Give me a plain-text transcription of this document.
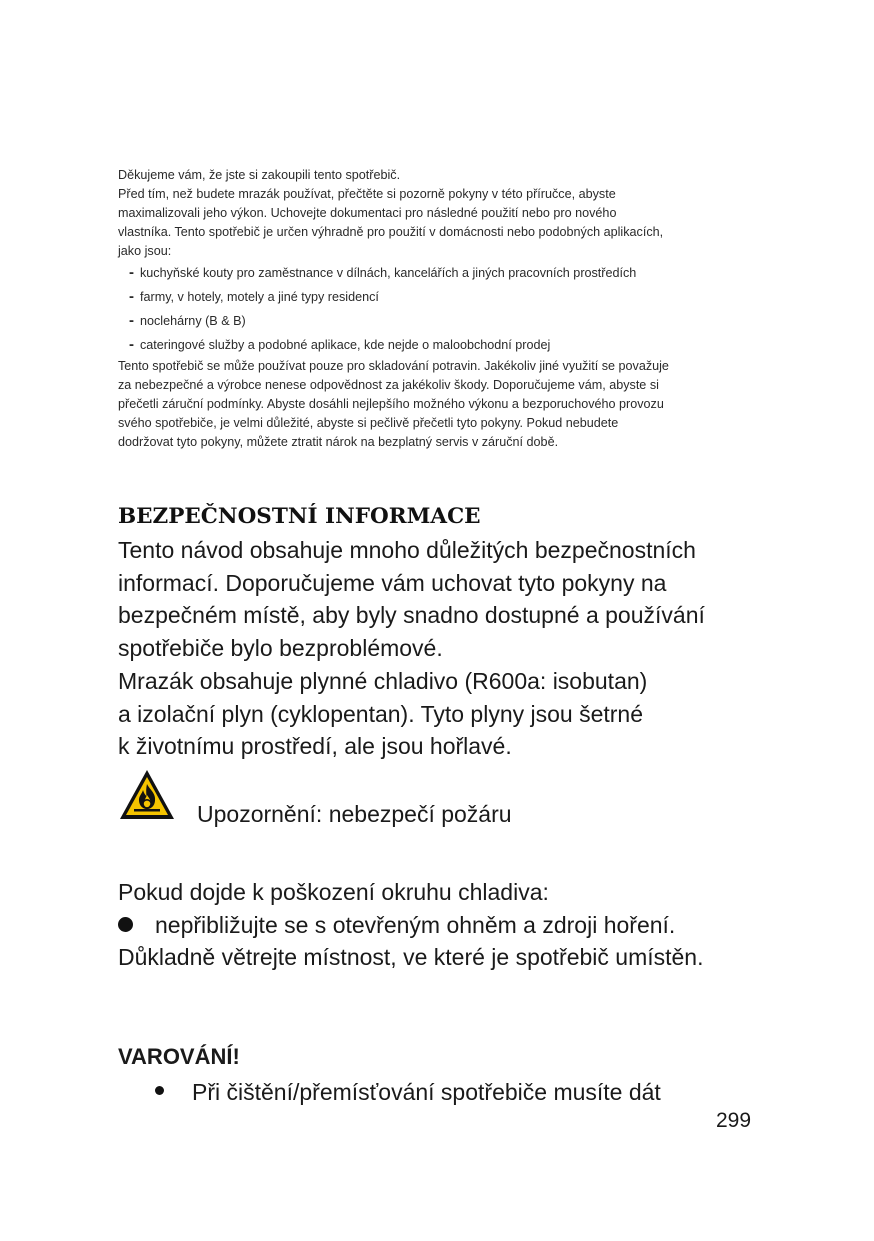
Děkujeme vám, že jste si zakoupili tento spotřebič.

Před tím, než budete mrazák používat, přečtěte si pozorně pokyny v této příručce, abyste

maximalizovali jeho výkon. Uchovejte dokumentaci pro následné použití nebo pro nového

vlastníka. Tento spotřebič je určen výhradně pro použití v domácnosti nebo podobných aplikacích,

jako jsou:

- kuchyňské kouty pro zaměstnance v dílnách, kancelářích a jiných pracovních prostředích
- farmy, v hotely, motely a jiné typy residencí
- noclehárny (B & B)
- cateringové služby a podobné aplikace, kde nejde o maloobchodní prodej

Tento spotřebič se může používat pouze pro skladování potravin. Jakékoliv jiné využití se považuje

za nebezpečné a výrobce nenese odpovědnost za jakékoliv škody. Doporučujeme vám, abyste si

přečetli záruční podmínky. Abyste dosáhli nejlepšího možného výkonu a bezporuchového provozu

svého spotřebiče, je velmi důležité, abyste si pečlivě přečetli tyto pokyny. Pokud nebudete

dodržovat tyto pokyny, můžete ztratit nárok na bezplatný servis v záruční době.

BEZPEČNOSTNÍ INFORMACE
Tento návod obsahuje mnoho důležitých bezpečnostních
informací. Doporučujeme vám uchovat tyto pokyny na
bezpečném místě, aby byly snadno dostupné a používání
spotřebiče bylo bezproblémové.
Mrazák obsahuje plynné chladivo (R600a: isobutan)
a izolační plyn (cyklopentan). Tyto plyny jsou šetrné
k životnímu prostředí, ale jsou hořlavé.
Upozornění: nebezpečí požáru
Pokud dojde k poškození okruhu chladiva:
nepřibližujte se s otevřeným ohněm a zdroji hoření.
Důkladně větrejte místnost, ve které je spotřebič umístěn.
VAROVÁNÍ!
Při čištění/přemísťování spotřebiče musíte dát
299
